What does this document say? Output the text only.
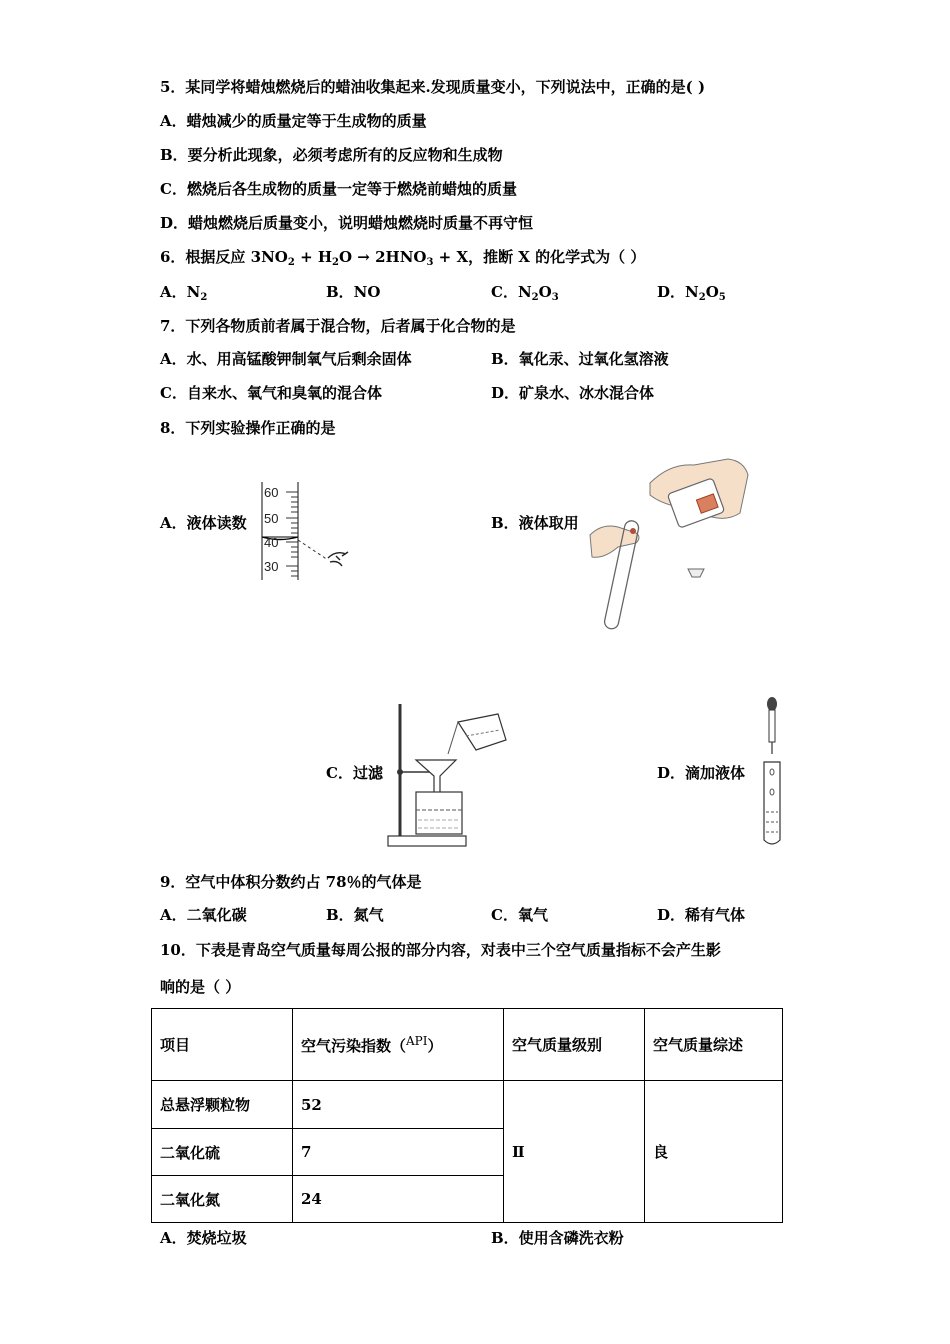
5．某同学将蜡烛燃烧后的蜡油收集起来.发现质量变小，下列说法中，正确的是( )
A．蜡烛减少的质量定等于生成物的质量
B．要分析此现象，必须考虑所有的反应物和生成物
C．燃烧后各生成物的质量一定等于燃烧前蜡烛的质量
D．蜡烛燃烧后质量变小，说明蜡烛燃烧时质量不再守恒
6．根据反应 $3NO_2 + H_2O \to 2HNO_3 + X$，推断 X 的化学式为（ ）
A．$N_2$	B．NO	C．$N_2O_3$	D．$N_2O_5$
7．下列各物质前者属于混合物，后者属于化合物的是
A．水、用高锰酸钾制氧气后剩余固体	B．氧化汞、过氧化氢溶液
C．自来水、氧气和臭氧的混合体	D．矿泉水、冰水混合体
8．下列实验操作正确的是
A．液体读数
60
50
40
30
B．液体取用
C．过滤	D．滴加液体
9．空气中体积分数约占 78％的气体是
A．二氧化碳	B．氮气	C．氧气	D．稀有气体
10．下表是青岛空气质量每周公报的部分内容，对表中三个空气质量指标不会产生影
响的是（ ）
项目	空气污染指数（$^{API}$）	空气质量级别	空气质量综述
总悬浮颗粒物	52	Ⅱ	良
二氧化硫	7		
二氧化氮	24		
A．焚烧垃圾	B．使用含磷洗衣粉
